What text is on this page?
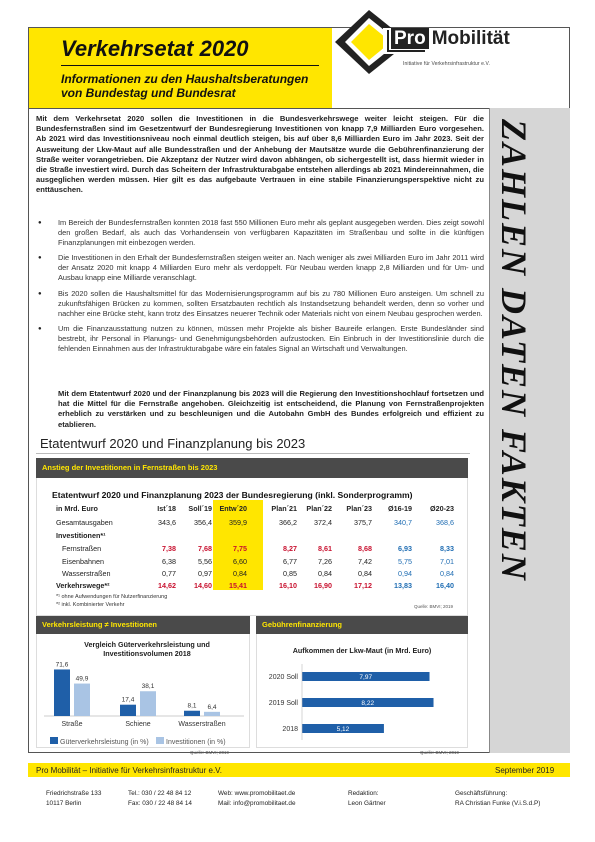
Verkehrsetat 2020
Informationen zu den Haushaltsberatungen
von Bundestag und Bundesrat
Pro Mobilität
Initiative für Verkehrsinfrastruktur e.V.
ZAHLEN DATEN FAKTEN

Mit dem Verkehrsetat 2020 sollen die Investitionen in die Bundesverkehrswege weiter leicht steigen. Für die Bundesfernstraßen sind im Gesetzentwurf der Bundesregierung Investitionen von knapp 7,9 Milliarden Euro vorgesehen. Ab 2021 wird das Investitionsniveau noch einmal deutlich steigen, bis auf über 8,6 Milliarden Euro im Jahr 2023. Seit der Ausweitung der Lkw-Maut auf alle Bundesstraßen und der Anhebung der Mautsätze wurde die Gebührenfinanzierung der Straße weiter vorangetrieben. Die Akzeptanz der Nutzer wird davon abhängen, ob sichergestellt ist, dass hiermit wieder in die Straße investiert wird. Durch das Scheitern der Infrastrukturabgabe entstehen allerdings ab 2021 Mindereinnahmen, die ausgeglichen werden müssen. Hier gilt es das aufgebaute Vertrauen in eine stabile Finanzierungsperspektive nicht zu enttäuschen.

● Im Bereich der Bundesfernstraßen konnten 2018 fast 550 Millionen Euro mehr als geplant ausgegeben werden. Dies zeigt sowohl den großen Bedarf, als auch das Vorhandensein von verfügbaren Kapazitäten im Straßenbau und sollte in die künftigen Finanzplanungen mit einbezogen werden.
● Die Investitionen in den Erhalt der Bundesfernstraßen steigen weiter an. Nach weniger als zwei Milliarden Euro im Jahr 2011 wird der Ansatz 2020 mit knapp 4 Milliarden Euro mehr als verdoppelt. Für Neubau werden knapp 2,8 Milliarden und für Um- und Ausbau knapp eine Milliarde veranschlagt.
● Bis 2020 sollen die Haushaltsmittel für das Modernisierungsprogramm auf bis zu 780 Millionen Euro ansteigen. Um schnell zu zukunftsfähigen Brücken zu kommen, sollten Ersatzbauten rechtlich als Instandsetzung behandelt werden, denn so vorher und nachher eine Brücke steht, kann trotz des Einsatzes neuerer Technik oder Materials nicht von einem Neubau gesprochen werden.
● Um die Finanzausstattung nutzen zu können, müssen mehr Projekte als bisher Baureife erlangen. Erste Bundesländer sind bestrebt, ihr Personal in Planungs- und Genehmigungsbehörden aufzustocken. Ein Einbruch in der Investitionslinie durch die fehlenden Einnahmen aus der Infrastrukturabgabe wäre ein fatales Signal an Wirtschaft und Verwaltungen.

Mit dem Etatentwurf 2020 und der Finanzplanung bis 2023 will die Regierung den Investitionshochlauf fortsetzen und hat die Mittel für die Fernstraße angehoben. Gleichzeitig ist entscheidend, die Planung von Fernstraßenprojekten erheblich zu verstärken und zu beschleunigen und die Autobahn GmbH des Bundes erfolgreich und effizient zu etablieren.

Etatentwurf 2020 und Finanzplanung bis 2023
Anstieg der Investitionen in Fernstraßen bis 2023
Etatentwurf 2020 und Finanzplanung 2023 der Bundesregierung (inkl. Sonderprogramm)
in Mrd. Euro	Ist´18	Soll´19	Entw´20	Plan´21	Plan´22	Plan´23	Ø16-19	Ø20-23
Gesamtausgaben	343,6	356,4	359,9	366,2	372,4	375,7	340,7	368,6
Investitionen*¹
Fernstraßen	7,38	7,68	7,75	8,27	8,61	8,68	6,93	8,33
Eisenbahnen	6,38	5,56	6,60	6,77	7,26	7,42	5,75	7,01
Wasserstraßen	0,77	0,97	0,84	0,85	0,84	0,84	0,94	0,84
Verkehrswege*²	14,62	14,60	15,41	16,10	16,90	17,12	13,83	16,40
*¹ ohne Aufwendungen für Nutzerfinanzierung
*² inkl. Kombinierter Verkehr	Quelle: BMVI; 2019
Verkehrsleistung ≠ Investitionen
Vergleich Güterverkehrsleistung und Investitionsvolumen 2018
71,6
49,9
Straße
17,4
38,1
Schiene
8,1 6,4
Wasserstraßen
Güterverkehrsleistung (in %) Investitionen (in %)
Quelle: BMVI; 2019
Gebührenfinanzierung
Aufkommen der Lkw-Maut (in Mrd. Euro)
7,97
2020 Soll
8,22
2019 Soll
5,12
2018
Quelle: BMVI; 2019
Pro Mobilität – Initiative für Verkehrsinfrastruktur e.V.	September 2019
Friedrichstraße 133
10117 Berlin
Tel.: 030 / 22 48 84 12
Fax: 030 / 22 48 84 14
Web: www.promobilitaet.de
Mail: info@promobilitaet.de
Redaktion:
Leon Gärtner
Geschäftsführung:
RA Christian Funke (V.i.S.d.P)
